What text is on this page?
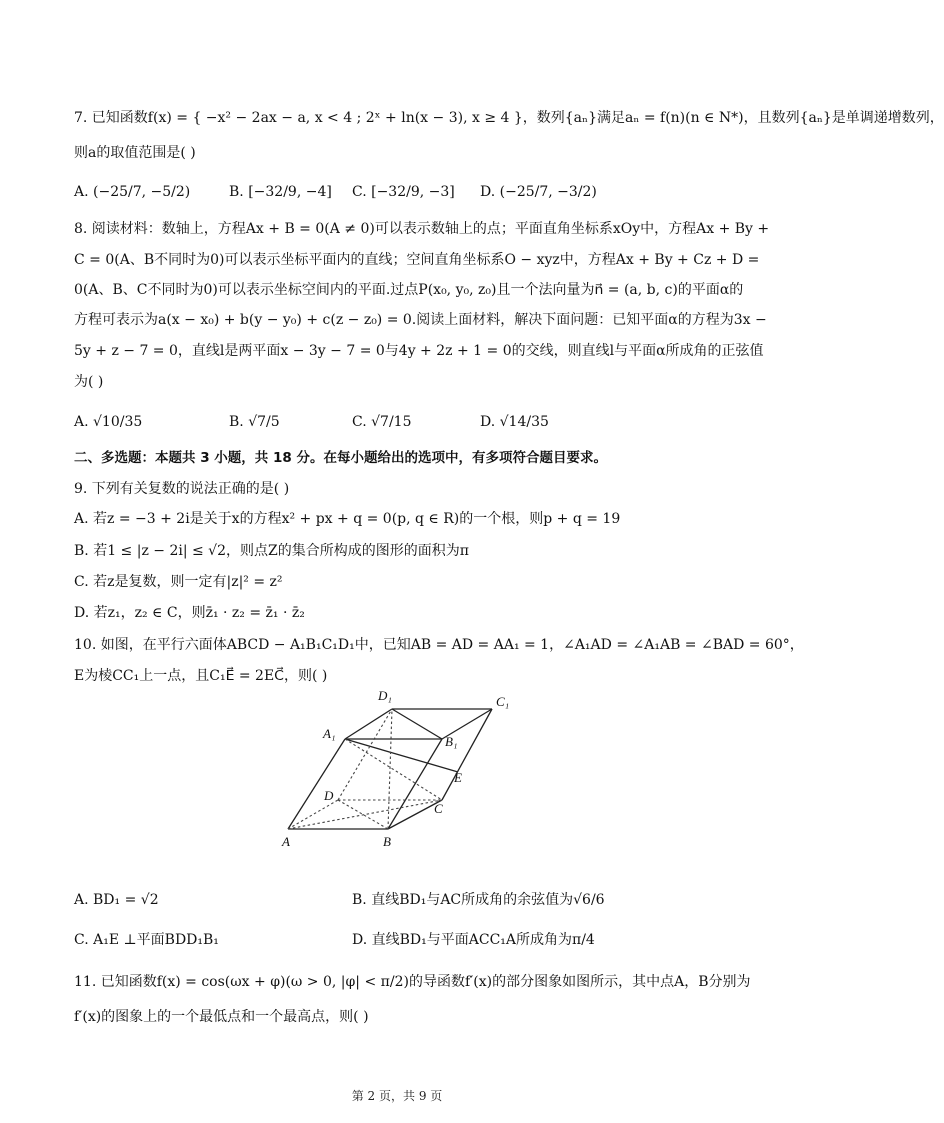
7. 已知函数f(x) = { −x² − 2ax − a, x < 4 ; 2ˣ + ln(x − 3), x ≥ 4 }，数列{aₙ}满足aₙ = f(n)(n ∈ N*)，且数列{aₙ}是单调递增数列，
则a的取值范围是( )
A. (−25/7, −5/2)	B. [−32/9, −4] C. [−32/9, −3] D. (−25/7, −3/2)
8. 阅读材料：数轴上，方程Ax + B = 0(A ≠ 0)可以表示数轴上的点；平面直角坐标系xOy中，方程Ax + By +
C = 0(A、B不同时为0)可以表示坐标平面内的直线；空间直角坐标系O − xyz中，方程Ax + By + Cz + D =
0(A、B、C不同时为0)可以表示坐标空间内的平面.过点P(x₀, y₀, z₀)且一个法向量为n⃗ = (a, b, c)的平面α的
方程可表示为a(x − x₀) + b(y − y₀) + c(z − z₀) = 0.阅读上面材料，解决下面问题：已知平面α的方程为3x −
5y + z − 7 = 0，直线l是两平面x − 3y − 7 = 0与4y + 2z + 1 = 0的交线，则直线l与平面α所成角的正弦值
为( )
A. √10/35	B. √7/5	C. √7/15	D. √14/35
二、多选题：本题共 3 小题，共 18 分。在每小题给出的选项中，有多项符合题目要求。
9. 下列有关复数的说法正确的是( )
A. 若z = −3 + 2i是关于x的方程x² + px + q = 0(p, q ∈ R)的一个根，则p + q = 19
B. 若1 ≤ |z − 2i| ≤ √2，则点Z的集合所构成的图形的面积为π
C. 若z是复数，则一定有|z|² = z²
D. 若z₁，z₂ ∈ C，则z̄₁ · z₂ = z̄₁ · z̄₂
10. 如图，在平行六面体ABCD − A₁B₁C₁D₁中，已知AB = AD = AA₁ = 1，∠A₁AD = ∠A₁AB = ∠BAD = 60°，
E为棱CC₁上一点，且C₁E⃗ = 2EC⃗，则( )
D₁	C₁
A₁
B₁
E
D
C
A	B
A. BD₁ = √2	B. 直线BD₁与AC所成角的余弦值为√6/6
C. A₁E ⊥平面BDD₁B₁	D. 直线BD₁与平面ACC₁A所成角为π/4
11. 已知函数f(x) = cos(ωx + φ)(ω > 0, |φ| < π/2)的导函数f′(x)的部分图象如图所示，其中点A，B分别为
f′(x)的图象上的一个最低点和一个最高点，则( )
第 2 页，共 9 页
